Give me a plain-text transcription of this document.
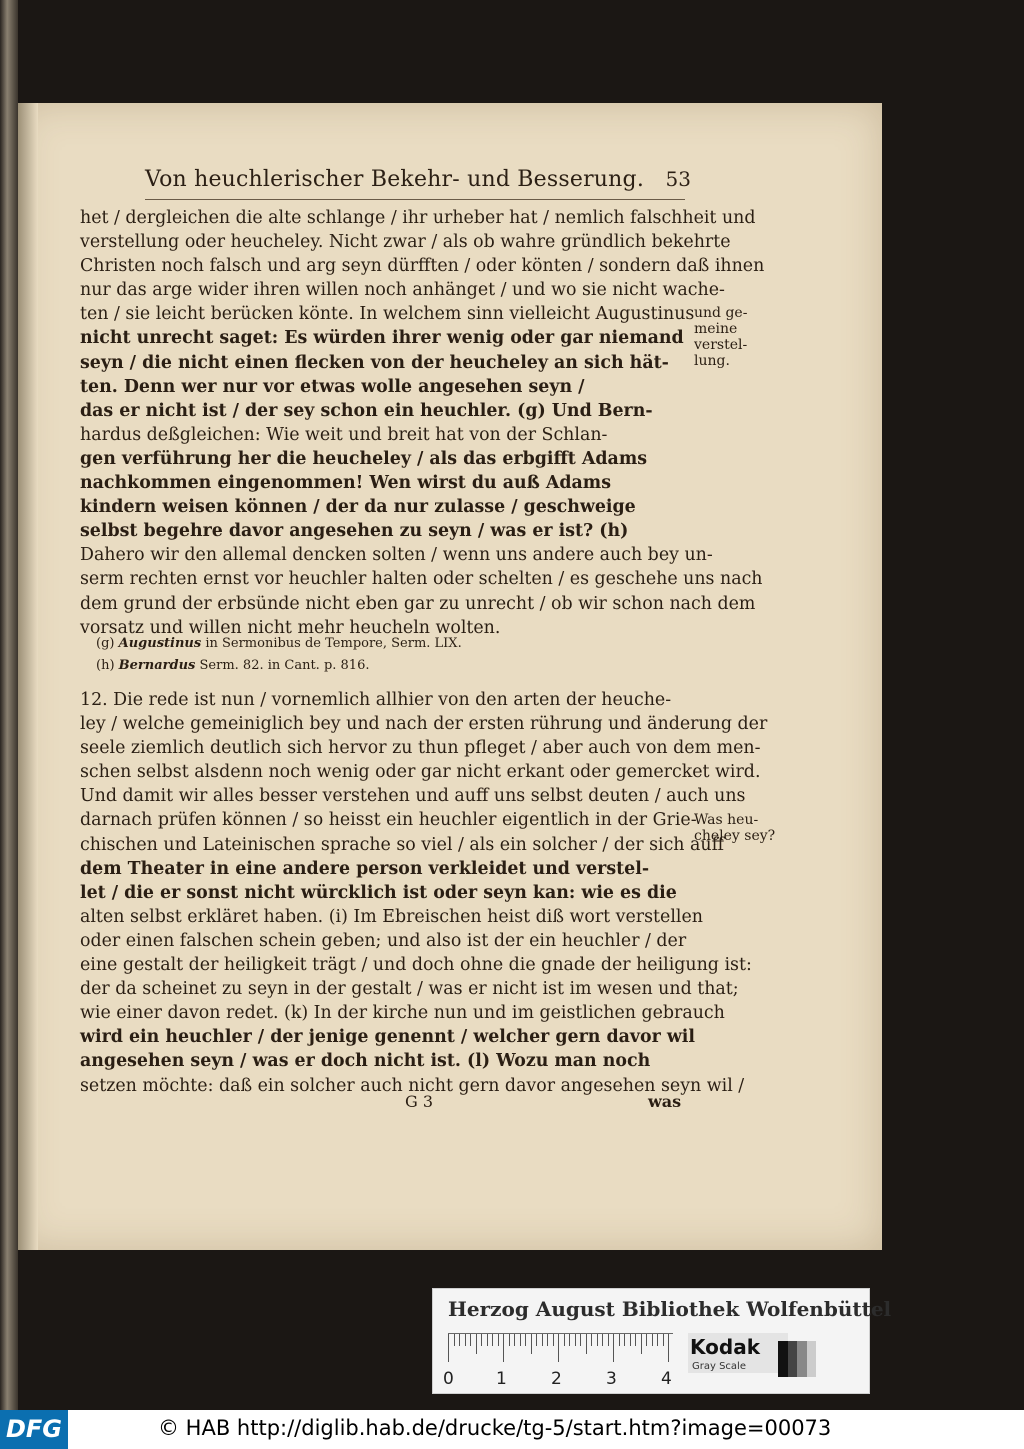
Von heuchlerischer Bekehr- und Besserung. 53
het / dergleichen die alte schlange / ihr urheber hat / nemlich falschheit und
verstellung oder heucheley. Nicht zwar / als ob wahre gründlich bekehrte
Christen noch falsch und arg seyn dürfften / oder könten / sondern daß ihnen
nur das arge wider ihren willen noch anhänget / und wo sie nicht wache-
ten / sie leicht berücken könte. In welchem sinn vielleicht Augustinus
nicht unrecht saget: Es würden ihrer wenig oder gar niemand
seyn / die nicht einen flecken von der heucheley an sich hät-
ten. Denn wer nur vor etwas wolle angesehen seyn /
das er nicht ist / der sey schon ein heuchler. (g) Und Bern-
hardus deßgleichen: Wie weit und breit hat von der Schlan-
gen verführung her die heucheley / als das erbgifft Adams
nachkommen eingenommen! Wen wirst du auß Adams
kindern weisen können / der da nur zulasse / geschweige
selbst begehre davor angesehen zu seyn / was er ist? (h)
Dahero wir den allemal dencken solten / wenn uns andere auch bey un-
serm rechten ernst vor heuchler halten oder schelten / es geschehe uns nach
dem grund der erbsünde nicht eben gar zu unrecht / ob wir schon nach dem
vorsatz und willen nicht mehr heucheln wolten.
und ge-
meine
verstel-
lung.
(g) Augustinus in Sermonibus de Tempore, Serm. LIX.
(h) Bernardus Serm. 82. in Cant. p. 816.
12. Die rede ist nun / vornemlich allhier von den arten der heuche-
ley / welche gemeiniglich bey und nach der ersten rührung und änderung der
seele ziemlich deutlich sich hervor zu thun pfleget / aber auch von dem men-
schen selbst alsdenn noch wenig oder gar nicht erkant oder gemercket wird.
Und damit wir alles besser verstehen und auff uns selbst deuten / auch uns
darnach prüfen können / so heisst ein heuchler eigentlich in der Grie-
chischen und Lateinischen sprache so viel / als ein solcher / der sich auff
dem Theater in eine andere person verkleidet und verstel-
let / die er sonst nicht würcklich ist oder seyn kan: wie es die
alten selbst erkläret haben. (i) Im Ebreischen heist diß wort verstellen
oder einen falschen schein geben; und also ist der ein heuchler / der
eine gestalt der heiligkeit trägt / und doch ohne die gnade der heiligung ist:
der da scheinet zu seyn in der gestalt / was er nicht ist im wesen und that;
wie einer davon redet. (k) In der kirche nun und im geistlichen gebrauch
wird ein heuchler / der jenige genennt / welcher gern davor wil
angesehen seyn / was er doch nicht ist. (l) Wozu man noch
setzen möchte: daß ein solcher auch nicht gern davor angesehen seyn wil /
Was heu-
cheley sey?
G 3	was
Herzog August Bibliothek Wolfenbüttel
0 1	2	3	4
Kodak
Gray Scale
DFG	© HAB http://diglib.hab.de/drucke/tg-5/start.htm?image=00073
